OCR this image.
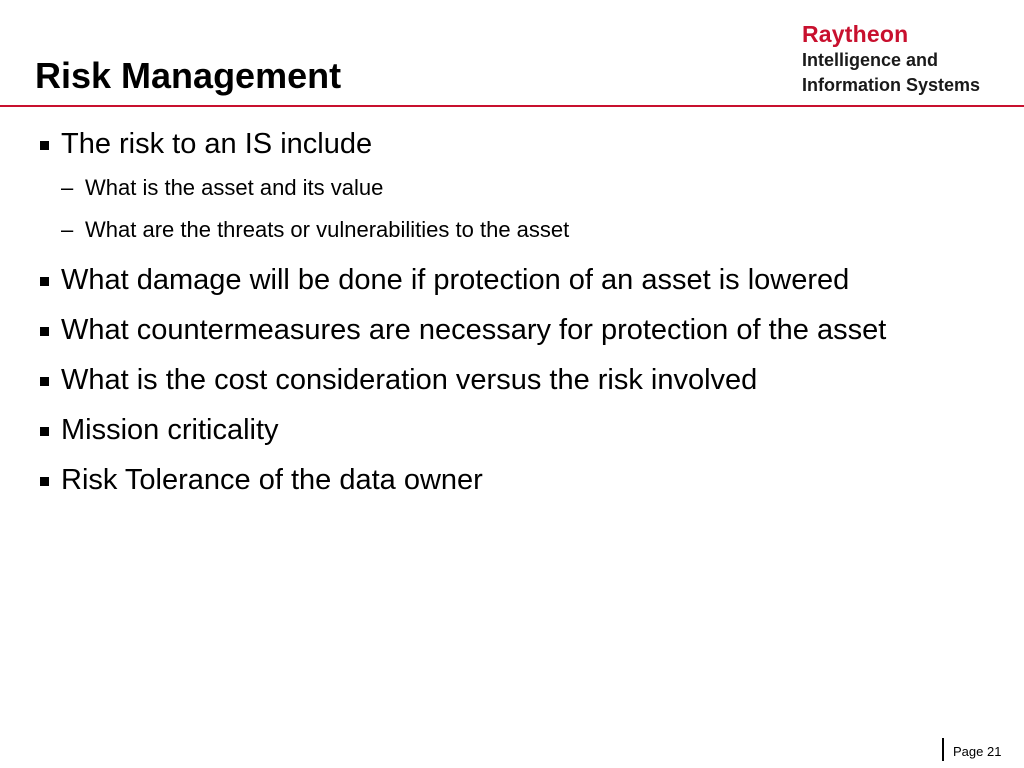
Risk Management
Raytheon
Intelligence and
Information Systems
The risk to an IS include
– What is the asset and its value
– What are the threats or vulnerabilities to the asset
What damage will be done if protection of an asset is lowered
What countermeasures are necessary for protection of the asset
What is the cost consideration versus the risk involved
Mission criticality
Risk Tolerance of the data owner
Page 21
